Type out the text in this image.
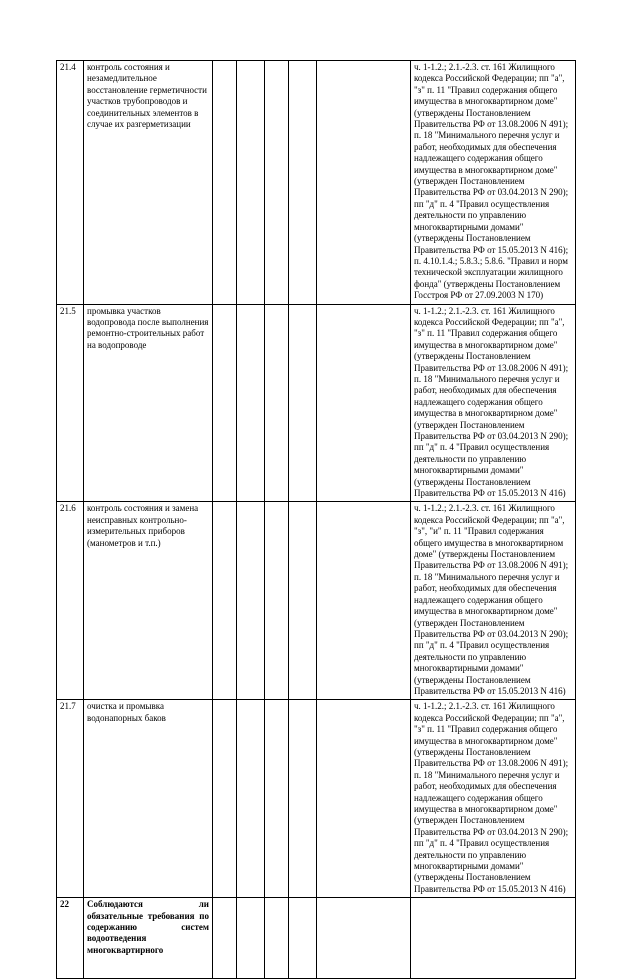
21.4	контроль состояния и незамедлительное восстановление герметичности участков трубопроводов и соединительных элементов в случае их разгерметизации						ч. 1-1.2.; 2.1.-2.3. ст. 161 Жилищного кодекса Российской Федерации; пп "а", "з" п. 11 "Правил содержания общего имущества в многоквартирном доме" (утверждены Постановлением Правительства РФ от 13.08.2006 N 491); п. 18 "Минимального перечня услуг и работ, необходимых для обеспечения надлежащего содержания общего имущества в многоквартирном доме" (утвержден Постановлением Правительства РФ от 03.04.2013 N 290); пп "д" п. 4 "Правил осуществления деятельности по управлению многоквартирными домами" (утверждены Постановлением Правительства РФ от 15.05.2013 N 416); п. 4.10.1.4.; 5.8.3.; 5.8.6. "Правил и норм технической эксплуатации жилищного фонда" (утверждены Постановлением Госстроя РФ от 27.09.2003 N 170)
21.5	промывка участков водопровода после выполнения ремонтно-строительных работ на водопроводе						ч. 1-1.2.; 2.1.-2.3. ст. 161 Жилищного кодекса Российской Федерации; пп "а", "з" п. 11 "Правил содержания общего имущества в многоквартирном доме" (утверждены Постановлением Правительства РФ от 13.08.2006 N 491); п. 18 "Минимального перечня услуг и работ, необходимых для обеспечения надлежащего содержания общего имущества в многоквартирном доме" (утвержден Постановлением Правительства РФ от 03.04.2013 N 290); пп "д" п. 4 "Правил осуществления деятельности по управлению многоквартирными домами" (утверждены Постановлением Правительства РФ от 15.05.2013 N 416)
21.6	контроль состояния и замена неисправных контрольно-измерительных приборов (манометров и т.п.)						ч. 1-1.2.; 2.1.-2.3. ст. 161 Жилищного кодекса Российской Федерации; пп "а", "з", "и" п. 11 "Правил содержания общего имущества в многоквартирном доме" (утверждены Постановлением Правительства РФ от 13.08.2006 N 491); п. 18 "Минимального перечня услуг и работ, необходимых для обеспечения надлежащего содержания общего имущества в многоквартирном доме" (утвержден Постановлением Правительства РФ от 03.04.2013 N 290); пп "д" п. 4 "Правил осуществления деятельности по управлению многоквартирными домами" (утверждены Постановлением Правительства РФ от 15.05.2013 N 416)
21.7	очистка и промывка водонапорных баков						ч. 1-1.2.; 2.1.-2.3. ст. 161 Жилищного кодекса Российской Федерации; пп "а", "з" п. 11 "Правил содержания общего имущества в многоквартирном доме" (утверждены Постановлением Правительства РФ от 13.08.2006 N 491); п. 18 "Минимального перечня услуг и работ, необходимых для обеспечения надлежащего содержания общего имущества в многоквартирном доме" (утвержден Постановлением Правительства РФ от 03.04.2013 N 290); пп "д" п. 4 "Правил осуществления деятельности по управлению многоквартирными домами" (утверждены Постановлением Правительства РФ от 15.05.2013 N 416)
22	Соблюдаются ли обязательные требования по содержанию систем водоотведения многоквартирного						
